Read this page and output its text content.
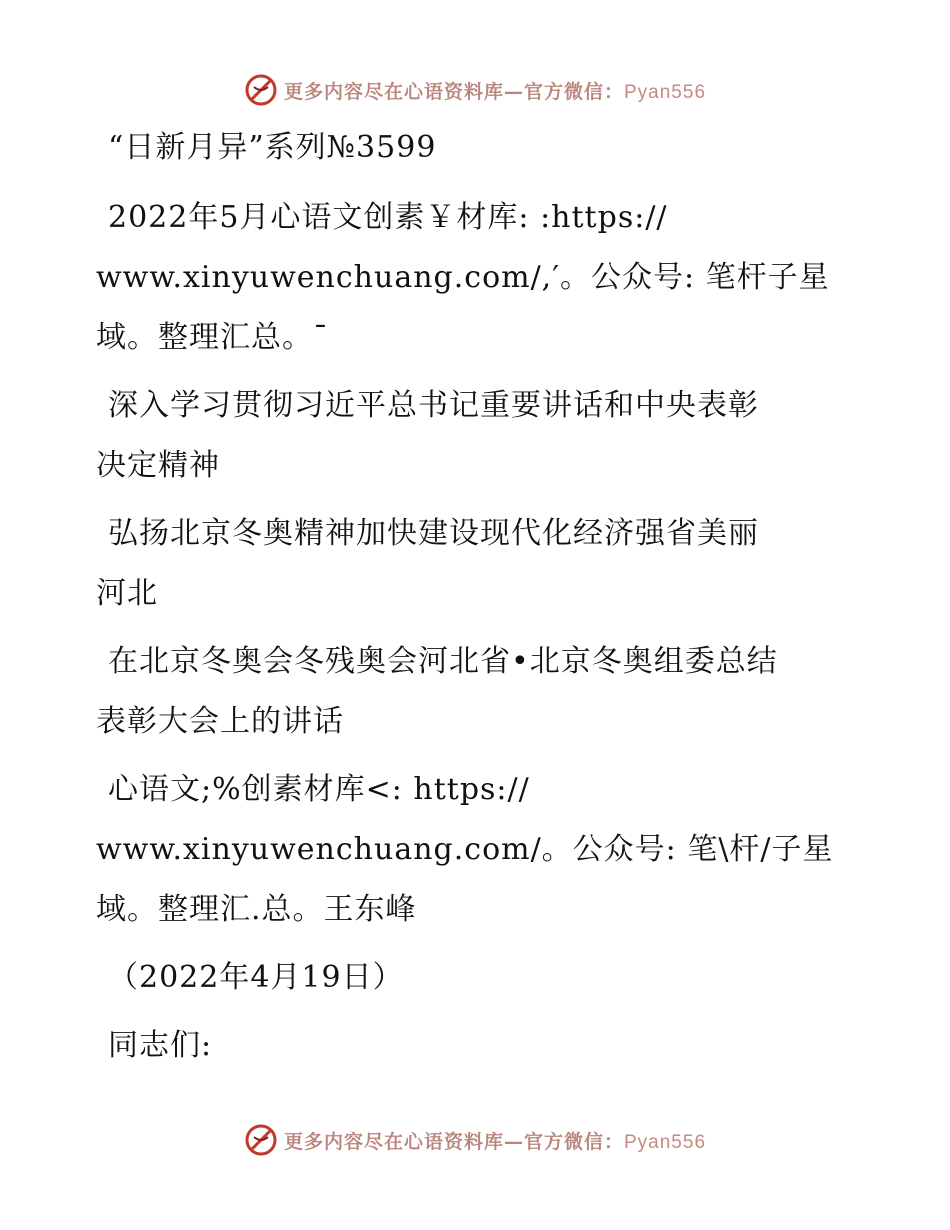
更多内容尽在心语资料库—官方微信：Pyan556

“日新月异”系列№3599

2022年5月心语文创素￥材库: :https://
www.xinyuwenchuang.com/,′。公众号: 笔杆子星
域。整理汇总。¯
深入学习贯彻习近平总书记重要讲话和中央表彰
决定精神
弘扬北京冬奥精神加快建设现代化经济强省美丽
河北
在北京冬奥会冬残奥会河北省•北京冬奥组委总结
表彰大会上的讲话
心语文;%创素材库<: https://
www.xinyuwenchuang.com/。公众号: 笔\杆/子星
域。整理汇.总。王东峰

（2022年4月19日）

同志们:

更多内容尽在心语资料库—官方微信：Pyan556
